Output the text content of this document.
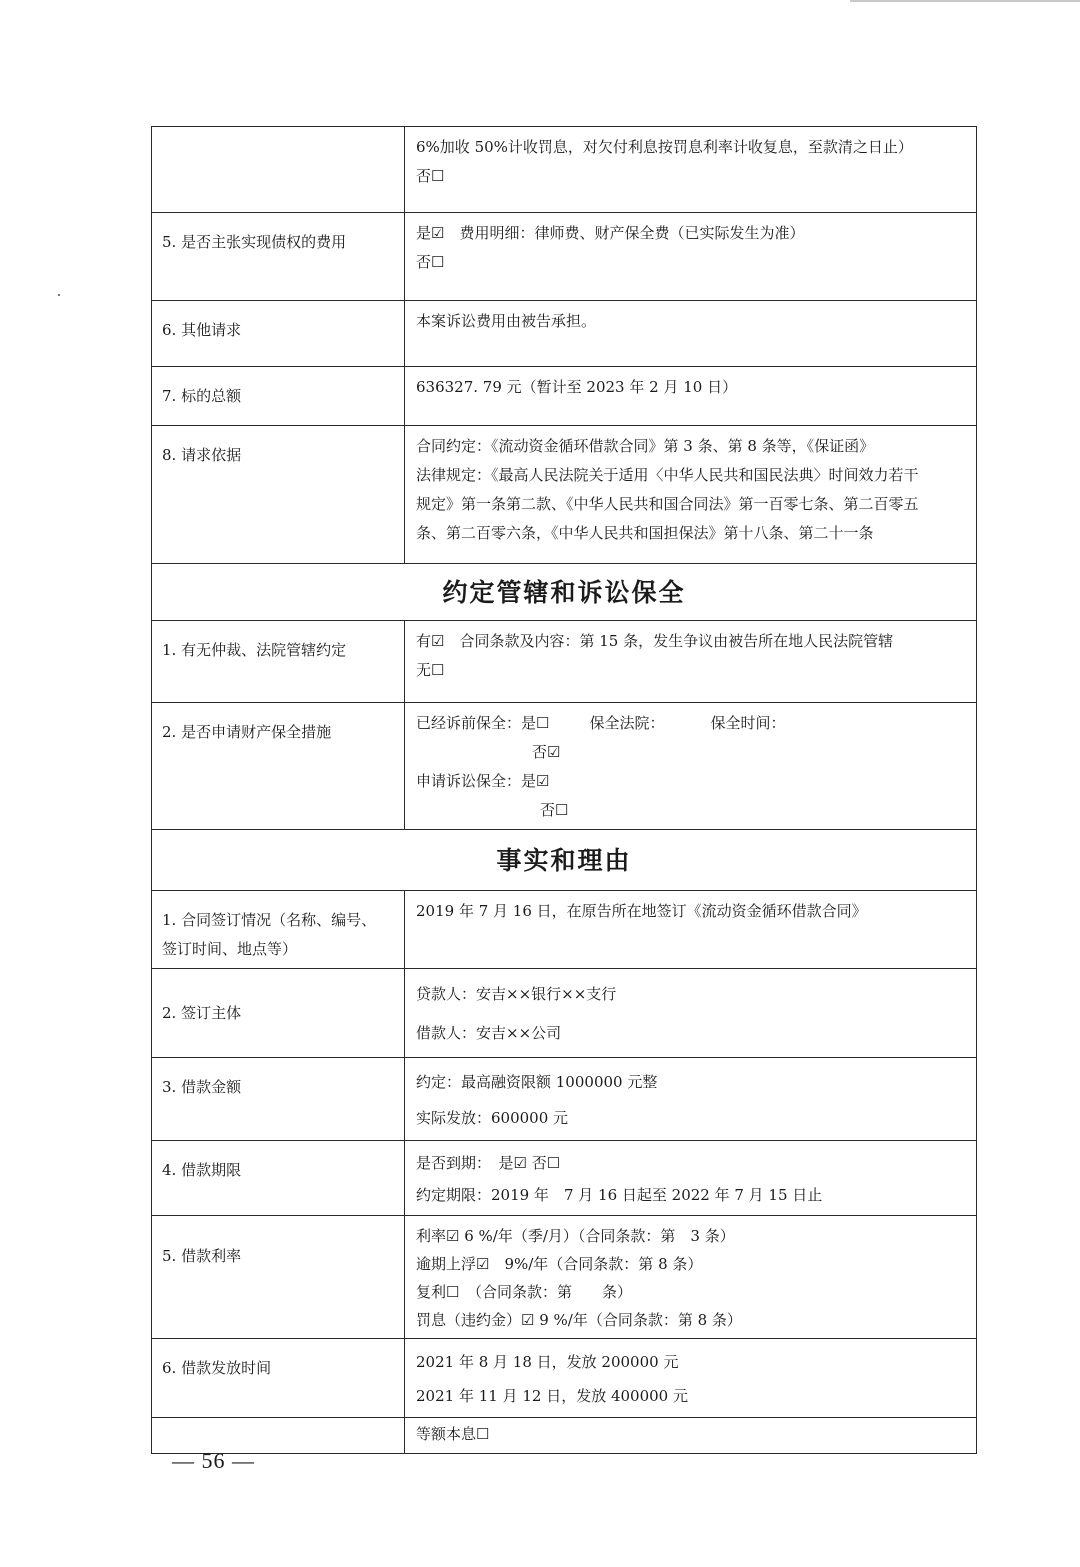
	6%加收 50%计收罚息，对欠付利息按罚息利率计收复息，至款清之日止）
否☐

5. 是否主张实现债权的费用	是☑　费用明细：律师费、财产保全费（已实际发生为准）
否☐

6. 其他请求	本案诉讼费用由被告承担。

7. 标的总额	636327. 79 元（暂计至 2023 年 2 月 10 日）

8. 请求依据	合同约定：《流动资金循环借款合同》第 3 条、第 8 条等，《保证函》
法律规定：《最高人民法院关于适用〈中华人民共和国民法典〉时间效力若干
规定》第一条第二款、《中华人民共和国合同法》第一百零七条、第二百零五
条、第二百零六条，《中华人民共和国担保法》第十八条、第二十一条

约定管辖和诉讼保全	
1. 有无仲裁、法院管辖约定	有☑　合同条款及内容：第 15 条，发生争议由被告所在地人民法院管辖
无☐

2. 是否申请财产保全措施	已经诉前保全：是☐ 保全法院： 保全时间：
否☑
申请诉讼保全：是☑
否☐

事实和理由	

1. 合同签订情况（名称、编号、
签订时间、地点等）	2019 年 7 月 16 日，在原告所在地签订《流动资金循环借款合同》

2. 签订主体	贷款人：安吉××银行××支行
借款人：安吉××公司

3. 借款金额	约定：最高融资限额 1000000 元整
实际发放：600000 元

4. 借款期限	是否到期：　是☑ 否☐
约定期限：2019 年　7 月 16 日起至 2022 年 7 月 15 日止

5. 借款利率	利率☑ 6 %/年（季/月）（合同条款：第　3 条）
逾期上浮☑　9%/年（合同条款：第 8 条）
复利☐　（合同条款：第　　条）
罚息（违约金）☑ 9 %/年（合同条款：第 8 条）

6. 借款发放时间	2021 年 8 月 18 日，发放 200000 元
2021 年 11 月 12 日，发放 400000 元

	等额本息☐
— 56 —
